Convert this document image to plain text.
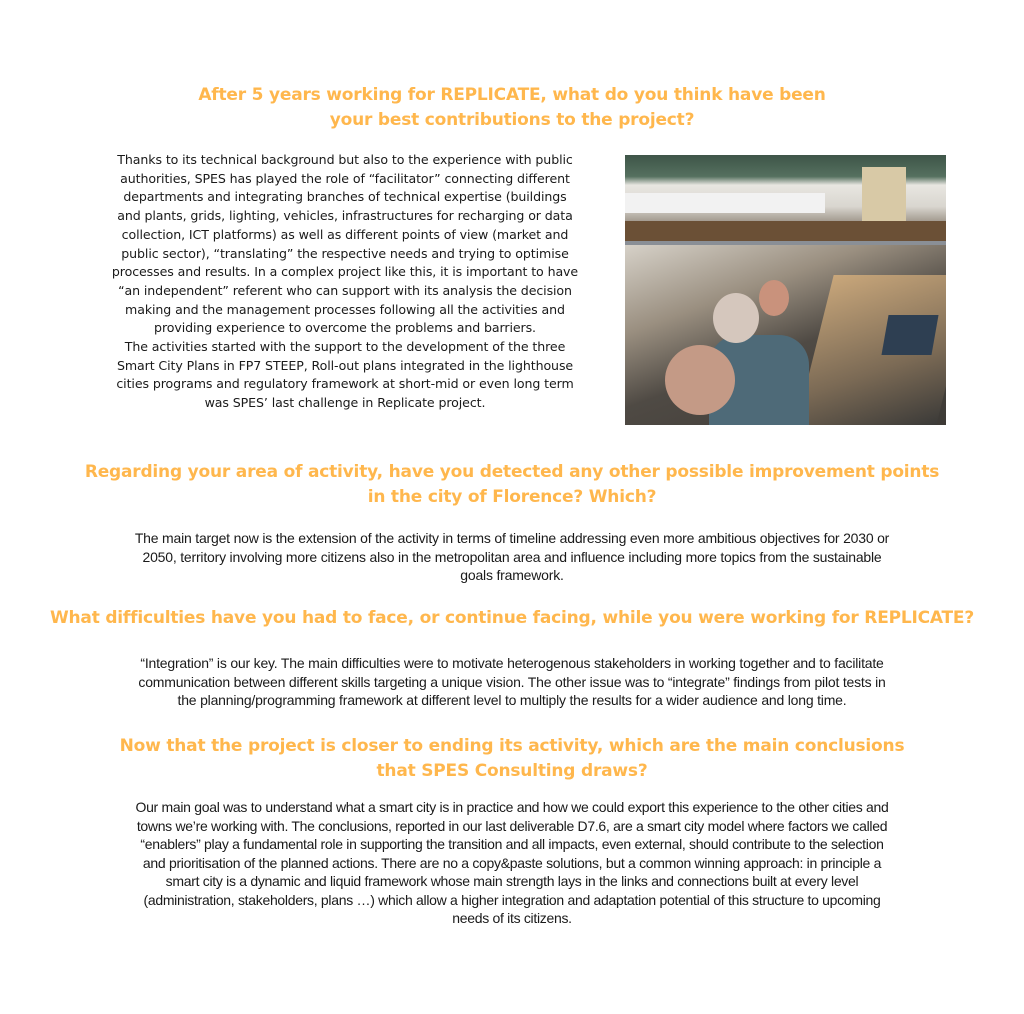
After 5 years working for REPLICATE, what do you think have been
your best contributions to the project?
Thanks to its technical background but also to the experience with public
authorities, SPES has played the role of “facilitator” connecting different
departments and integrating branches of technical expertise (buildings
and plants, grids, lighting, vehicles, infrastructures for recharging or data
collection, ICT platforms) as well as different points of view (market and
public sector), “translating” the respective needs and trying to optimise
processes and results. In a complex project like this, it is important to have
“an independent” referent who can support with its analysis the decision
making and the management processes following all the activities and
providing experience to overcome the problems and barriers.
The activities started with the support to the development of the three
Smart City Plans in FP7 STEEP, Roll-out plans integrated in the lighthouse
cities programs and regulatory framework at short-mid or even long term
was SPES’ last challenge in Replicate project.
Regarding your area of activity, have you detected any other possible improvement points
in the city of Florence? Which?
The main target now is the extension of the activity in terms of timeline addressing even more ambitious objectives for 2030 or
2050, territory involving more citizens also in the metropolitan area and influence including more topics from the sustainable
goals framework.
What difficulties have you had to face, or continue facing, while you were working for REPLICATE?
“Integration” is our key. The main difficulties were to motivate heterogenous stakeholders in working together and to facilitate
communication between different skills targeting a unique vision. The other issue was to “integrate” findings from pilot tests in
the planning/programming framework at different level to multiply the results for a wider audience and long time.
Now that the project is closer to ending its activity, which are the main conclusions
that SPES Consulting draws?
Our main goal was to understand what a smart city is in practice and how we could export this experience to the other cities and
towns we’re working with. The conclusions, reported in our last deliverable D7.6, are a smart city model where factors we called
“enablers” play a fundamental role in supporting the transition and all impacts, even external, should contribute to the selection
and prioritisation of the planned actions. There are no a copy&paste solutions, but a common winning approach: in principle a
smart city is a dynamic and liquid framework whose main strength lays in the links and connections built at every level
(administration, stakeholders, plans …) which allow a higher integration and adaptation potential of this structure to upcoming
needs of its citizens.
